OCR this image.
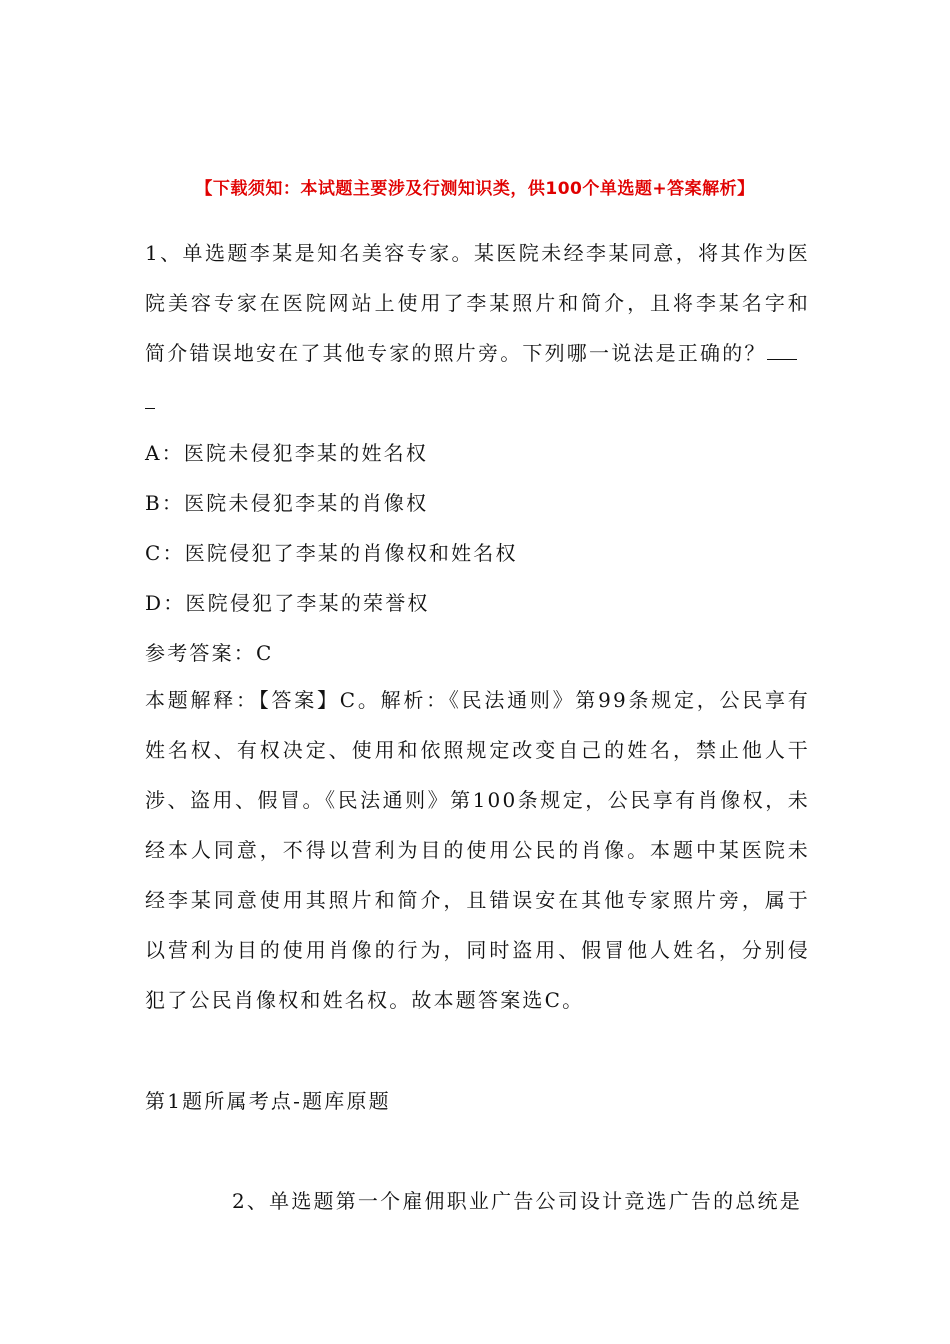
【下载须知：本试题主要涉及行测知识类，供100个单选题+答案解析】
1、单选题李某是知名美容专家。某医院未经李某同意，将其作为医院美容专家在医院网站上使用了李某照片和简介，且将李某名字和简介错误地安在了其他专家的照片旁。下列哪一说法是正确的？
A：医院未侵犯李某的姓名权
B：医院未侵犯李某的肖像权
C：医院侵犯了李某的肖像权和姓名权
D：医院侵犯了李某的荣誉权
参考答案：C
本题解释：【答案】C。解析：《民法通则》第99条规定，公民享有姓名权、有权决定、使用和依照规定改变自己的姓名，禁止他人干涉、盗用、假冒。《民法通则》第100条规定，公民享有肖像权，未经本人同意，不得以营利为目的使用公民的肖像。本题中某医院未经李某同意使用其照片和简介，且错误安在其他专家照片旁，属于以营利为目的使用肖像的行为，同时盗用、假冒他人姓名，分别侵犯了公民肖像权和姓名权。故本题答案选C。
第1题所属考点-题库原题
2、单选题第一个雇佣职业广告公司设计竞选广告的总统是
